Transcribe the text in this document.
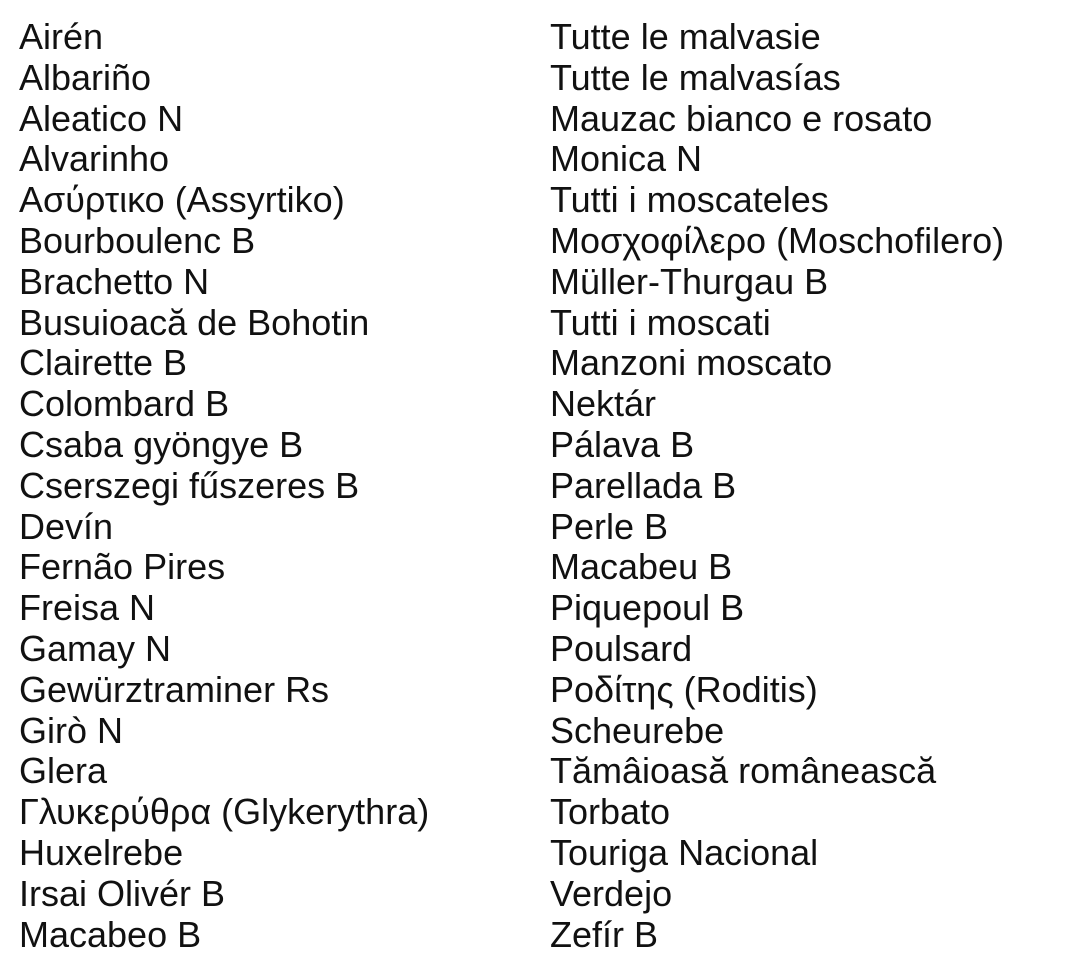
Airén
Albariño
Aleatico N
Alvarinho
Ασύρτικο (Assyrtiko)
Bourboulenc B
Brachetto N
Busuioacă de Bohotin
Clairette B
Colombard B
Csaba gyöngye B
Cserszegi fűszeres B
Devín
Fernão Pires
Freisa N
Gamay N
Gewürztraminer Rs
Girò N
Glera
Γλυκερύθρα (Glykerythra)
Huxelrebe
Irsai Olivér B
Macabeo B
Tutte le malvasie
Tutte le malvasías
Mauzac bianco e rosato
Monica N
Tutti i moscateles
Μοσχοφίλερο (Moschofilero)
Müller-Thurgau B
Tutti i moscati
Manzoni moscato
Nektár
Pálava B
Parellada B
Perle B
Macabeu B
Piquepoul B
Poulsard
Ροδίτης (Roditis)
Scheurebe
Tămâioasă românească
Torbato
Touriga Nacional
Verdejo
Zefír B
